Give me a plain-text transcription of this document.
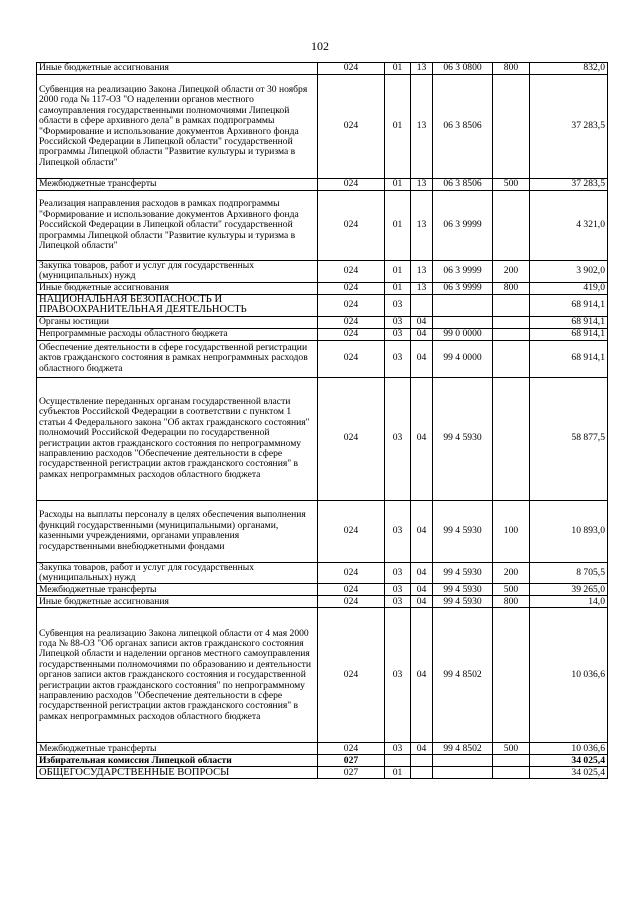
102
Иные бюджетные ассигнования	024	01	13	06 3 0800	800	832,0
Субвенция на реализацию Закона Липецкой области от 30 ноября 2000 года № 117-ОЗ "О наделении органов местного самоуправления государственными полномочиями Липецкой области в сфере архивного дела" в рамках подпрограммы "Формирование и использование документов Архивного фонда Российской Федерации в Липецкой области" государственной программы Липецкой области "Развитие культуры и туризма в Липецкой области"	024	01	13	06 3 8506		37 283,5
Межбюджетные трансферты	024	01	13	06 3 8506	500	37 283,5
Реализация направления расходов в рамках подпрограммы "Формирование и использование документов Архивного фонда Российской Федерации в Липецкой области" государственной программы Липецкой области "Развитие культуры и туризма в Липецкой области"	024	01	13	06 3 9999		4 321,0
Закупка товаров, работ и услуг для государственных (муниципальных) нужд	024	01	13	06 3 9999	200	3 902,0
Иные бюджетные ассигнования	024	01	13	06 3 9999	800	419,0
НАЦИОНАЛЬНАЯ БЕЗОПАСНОСТЬ И ПРАВООХРАНИТЕЛЬНАЯ ДЕЯТЕЛЬНОСТЬ	024	03				68 914,1
Органы юстиции	024	03	04			68 914,1
Непрограммные расходы областного бюджета	024	03	04	99 0 0000		68 914,1
Обеспечение деятельности в сфере государственной регистрации актов гражданского состояния в рамках непрограммных расходов областного бюджета	024	03	04	99 4 0000		68 914,1
Осуществление переданных органам государственной власти субъектов Российской Федерации в соответствии с пунктом 1 статьи 4 Федерального закона "Об актах гражданского состояния" полномочий Российской Федерации по государственной регистрации актов гражданского состояния по непрограммному направлению расходов "Обеспечение деятельности в сфере государственной регистрации актов гражданского состояния" в рамках непрограммных расходов областного бюджета	024	03	04	99 4 5930		58 877,5
Расходы на выплаты персоналу в целях обеспечения выполнения функций государственными (муниципальными) органами, казенными учреждениями, органами управления государственными внебюджетными фондами	024	03	04	99 4 5930	100	10 893,0
Закупка товаров, работ и услуг для государственных (муниципальных) нужд	024	03	04	99 4 5930	200	8 705,5
Межбюджетные трансферты	024	03	04	99 4 5930	500	39 265,0
Иные бюджетные ассигнования	024	03	04	99 4 5930	800	14,0
Субвенция на реализацию Закона липецкой области от 4 мая 2000 года № 88-ОЗ "Об органах записи актов гражданского состояния Липецкой области и наделении органов местного самоуправления государственными полномочиями по образованию и деятельности органов записи актов гражданского состояния и государственной регистрации актов гражданского состояния" по непрограммному направлению расходов "Обеспечение деятельности в сфере государственной регистрации актов гражданского состояния" в рамках непрограммных расходов областного бюджета	024	03	04	99 4 8502		10 036,6
Межбюджетные трансферты	024	03	04	99 4 8502	500	10 036,6
Избирательная комиссия Липецкой области	027					34 025,4
ОБЩЕГОСУДАРСТВЕННЫЕ ВОПРОСЫ	027	01				34 025,4
